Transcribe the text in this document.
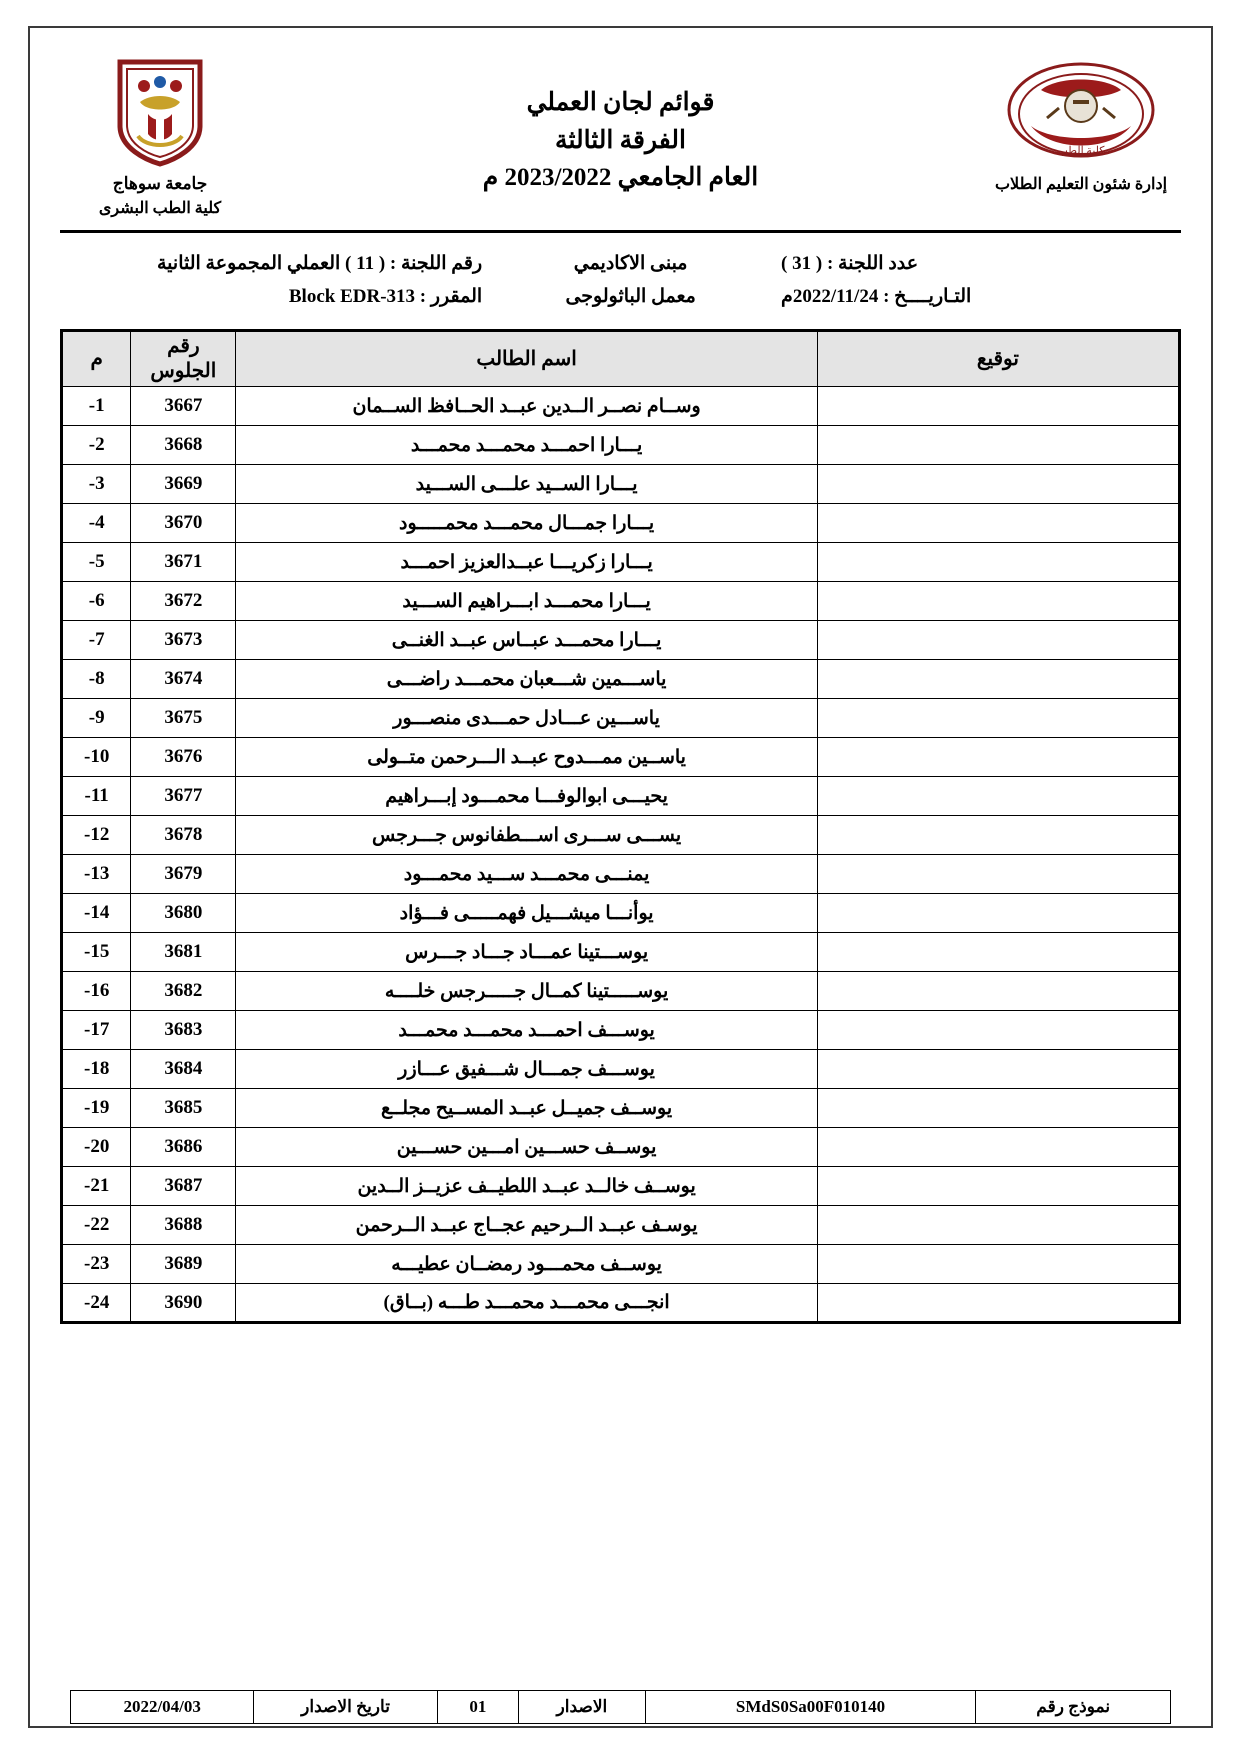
جامعة سوهاج
كلية الطب البشرى
قوائم لجان العملي
الفرقة الثالثة
العام الجامعي 2023/2022 م
كلية الطب
إدارة شئون التعليم الطلاب
رقم اللجنة : ( 11 ) العملي المجموعة الثانية	مبنى الاكاديمي	عدد اللجنة : ( 31 )
المقرر : Block EDR-313	معمل الباثولوجى	التـاريــــخ : 2022/11/24م
توقيع	اسم الطالب	رقم الجلوس	م
	وســام نصــر الــدين عبــد الحــافظ الســمان	3667	1-
	يـــارا احمـــد محمـــد محمـــد	3668	2-
	يـــارا الســيد علـــى الســـيد	3669	3-
	يـــارا جمـــال محمـــد محمـــــود	3670	4-
	يـــارا زكريـــا عبــدالعزيز احمـــد	3671	5-
	يـــارا محمـــد ابـــراهيم الســـيد	3672	6-
	يـــارا محمـــد عبــاس عبــد الغنــى	3673	7-
	ياســـمين شـــعبان محمـــد راضـــى	3674	8-
	ياســـين عـــادل حمـــدى منصـــور	3675	9-
	ياســين ممـــدوح عبــد الـــرحمن متــولى	3676	10-
	يحيـــى ابوالوفـــا محمـــود إبـــراهيم	3677	11-
	يســـى ســـرى اســـطفانوس جـــرجس	3678	12-
	يمنـــى محمـــد ســـيد محمـــود	3679	13-
	يوأنـــا ميشـــيل فهمـــــى فـــؤاد	3680	14-
	يوســـتينا عمـــاد جـــاد جـــرس	3681	15-
	يوســـــتينا كمــال جـــــرجس خلــــه	3682	16-
	يوســـف احمـــد محمـــد محمـــد	3683	17-
	يوســـف جمـــال شـــفيق عـــازر	3684	18-
	يوســف جميــل عبــد المســيح مجلــع	3685	19-
	يوســف حســـين امـــين حســـين	3686	20-
	يوســف خالــد عبــد اللطيــف عزيــز الــدين	3687	21-
	يوسـف عبــد الــرحيم عجــاج عبــد الــرحمن	3688	22-
	يوســف محمـــود رمضــان عطيـــه	3689	23-
	انجـــى محمـــد محمـــد طـــه (بــاق)	3690	24-
نموذج رقم	SMdS0Sa00F010140	الاصدار	01	تاريخ الاصدار	2022/04/03
